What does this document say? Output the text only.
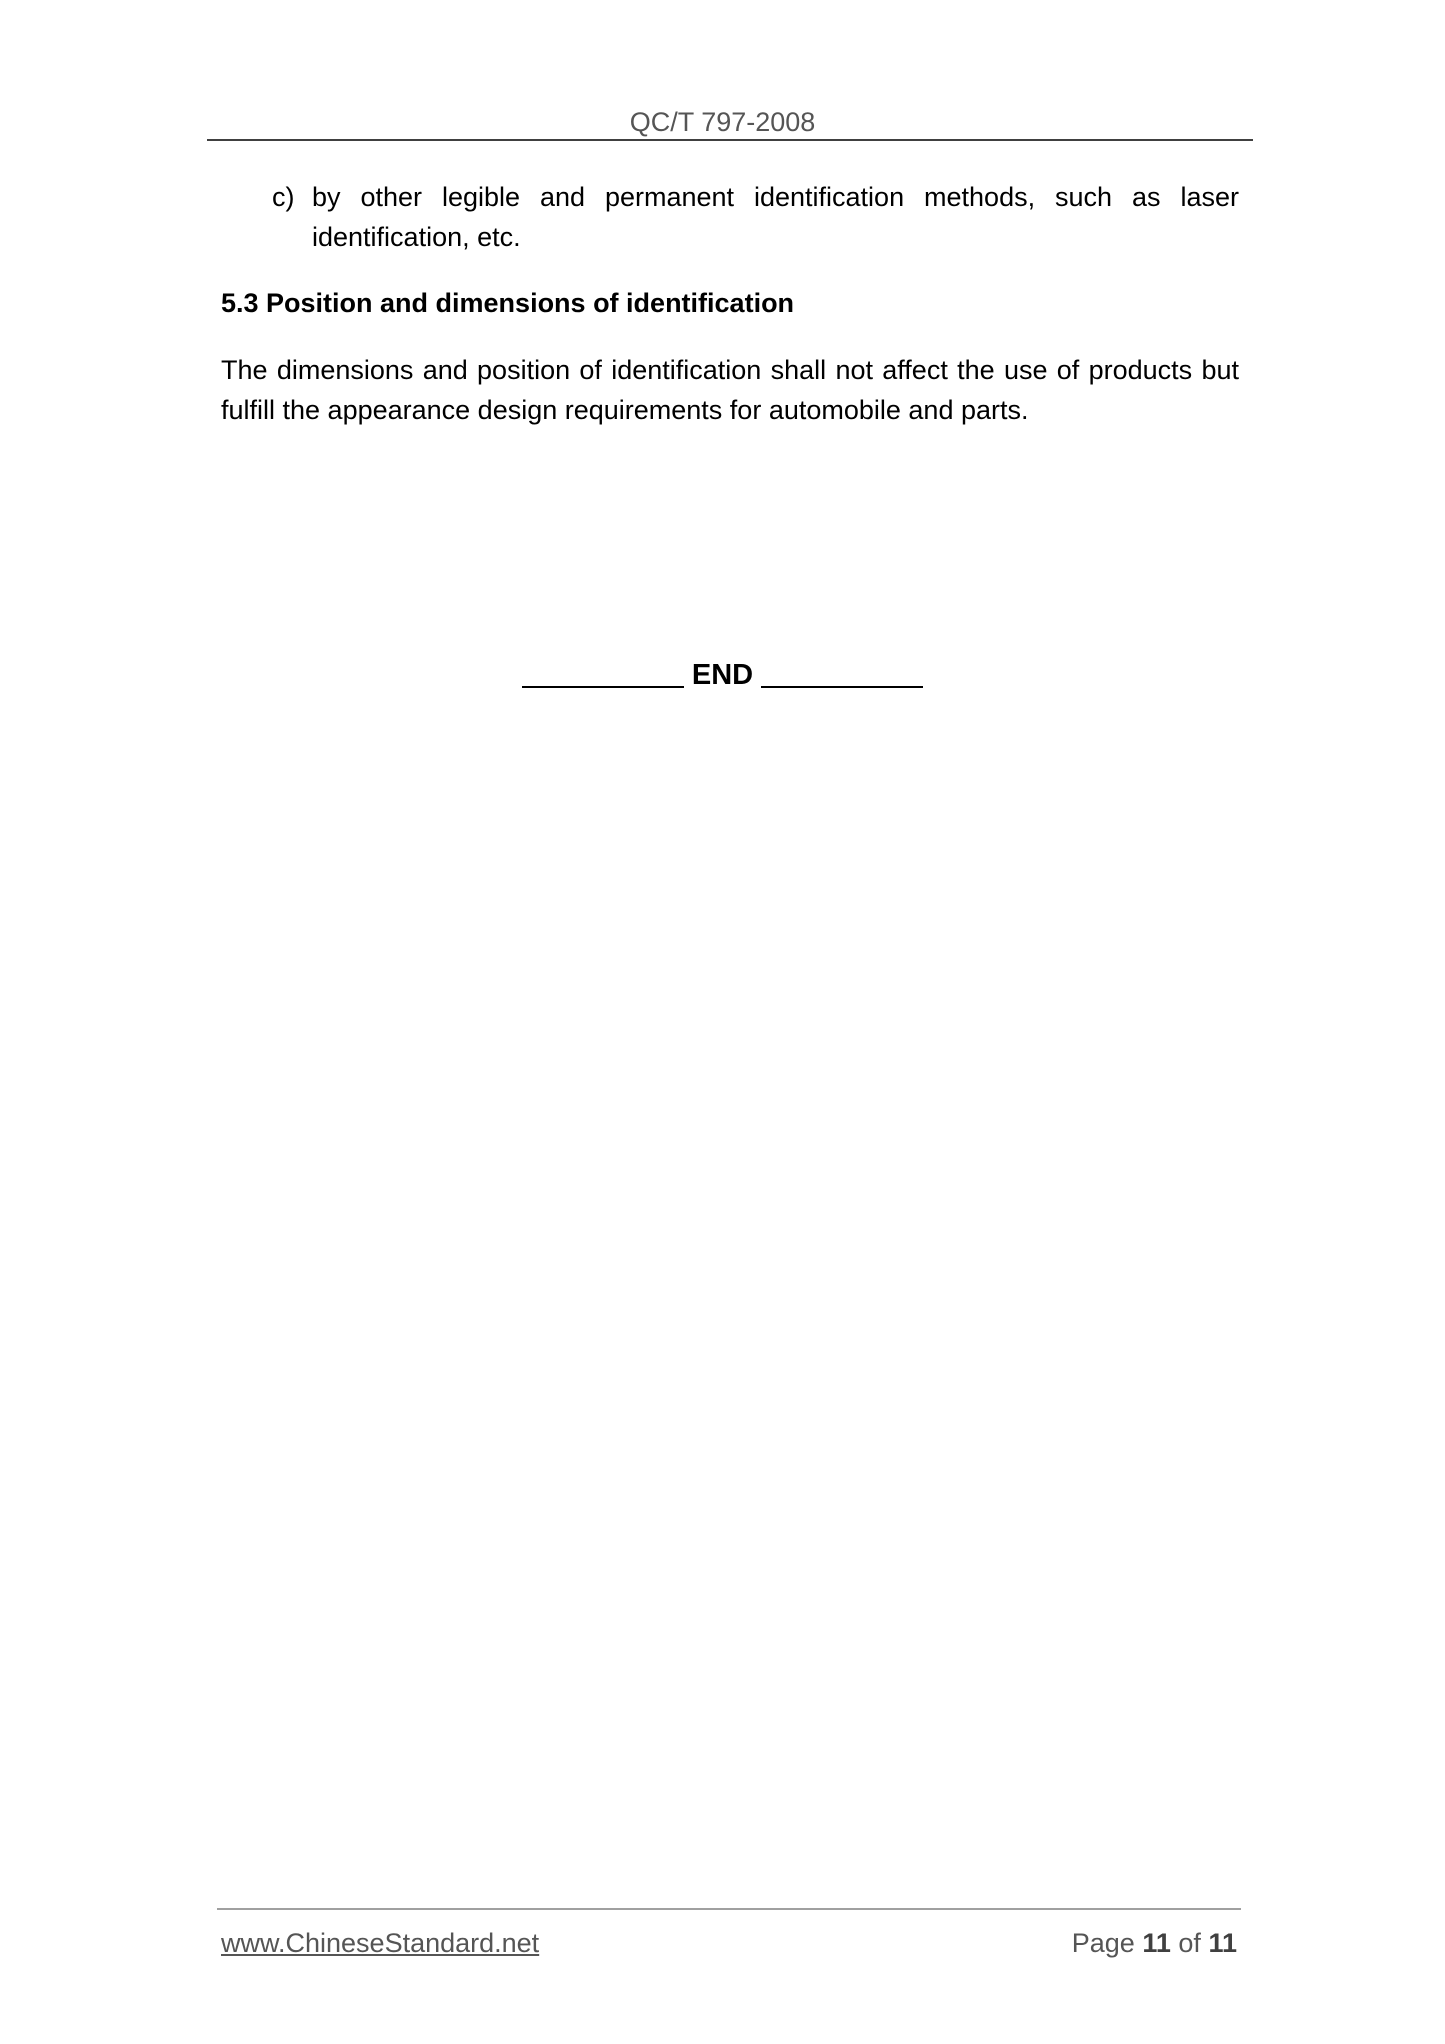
QC/T 797-2008
c) by other legible and permanent identification methods, such as laser
identification, etc.
5.3 Position and dimensions of identification
The dimensions and position of identification shall not affect the use of products but
fulfill the appearance design requirements for automobile and parts.
END
www.ChineseStandard.net	Page 11 of 11
